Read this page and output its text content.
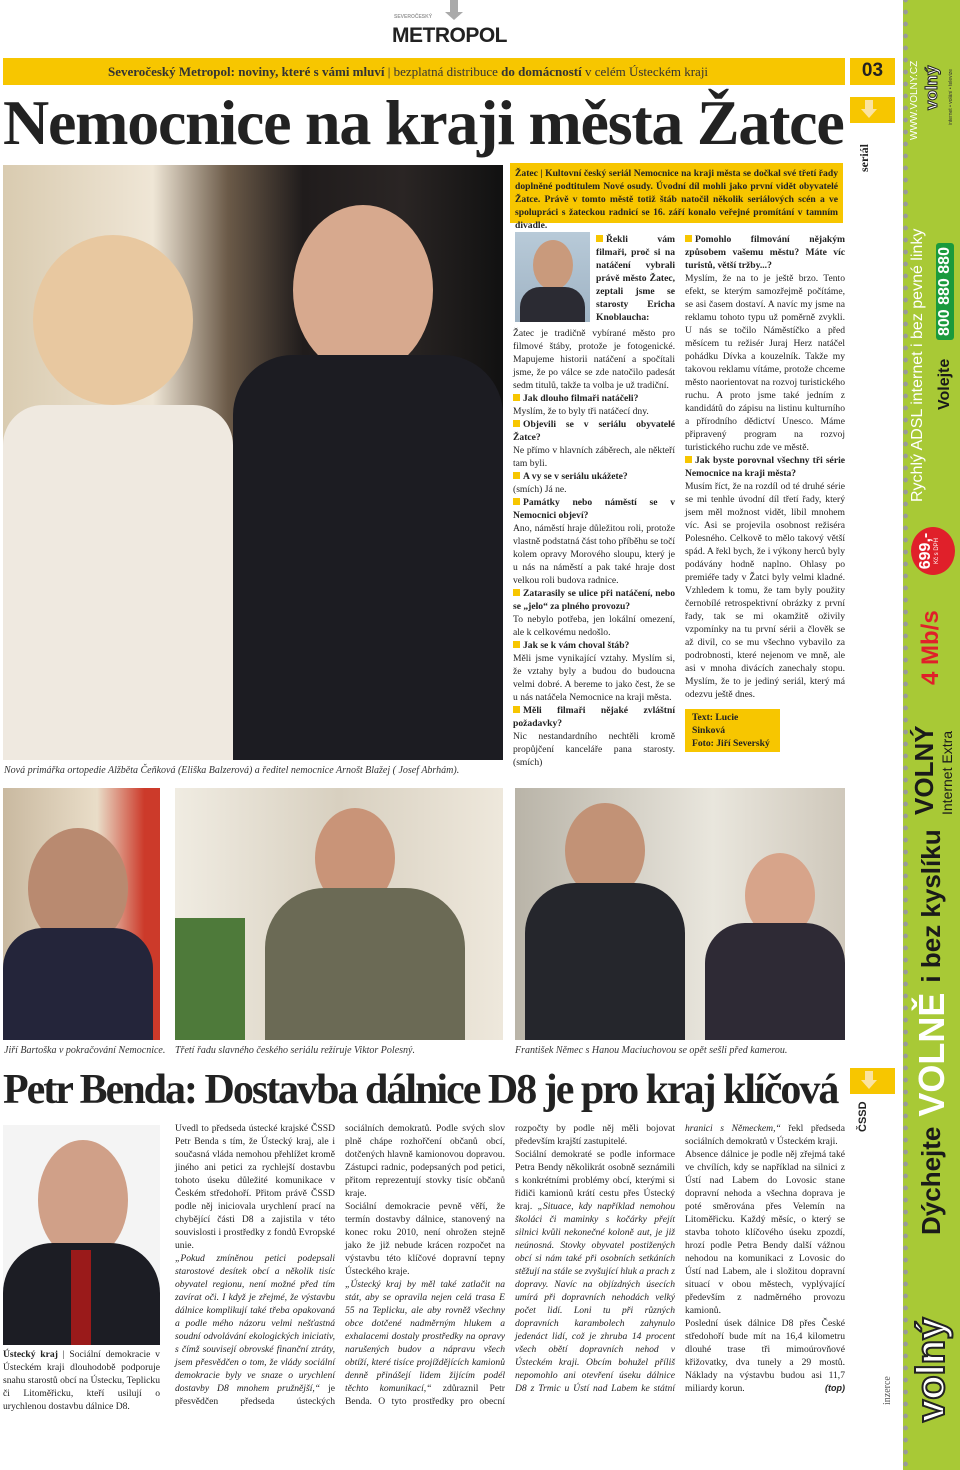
SEVEROČESKÝ
METROPOL
Severočeský Metropol: noviny, které s vámi mluví | bezplatná distribuce do domácností v celém Ústeckém kraji	03
seriál
Nemocnice na kraji města Žatce
Nová primářka ortopedie Alžběta Čeňková (Eliška Balzerová) a ředitel nemocnice Arnošt Blažej ( Josef Abrhám).
Žatec | Kultovní český seriál Nemocnice na kraji města se dočkal své třetí řady doplněné podtitulem Nové osudy. Úvodní díl mohli jako první vidět obyvatelé Žatce. Právě v tomto městě totiž štáb natočil několik seriálových scén a ve spolupráci s žateckou radnicí se 16. září konalo veřejné promítání v tamním divadle.

Řekli vám filmaři, proč si na natáčení vybrali právě město Žatec, zeptali jsme se starosty Ericha Knoblaucha:

Žatec je tradičně vybírané město pro filmové štáby, protože je fotogenické. Mapujeme historii natáčení a spočítali jsme, že po válce se zde natočilo padesát sedm titulů, takže ta volba je už tradiční.

Jak dlouho filmaři natáčeli?

Myslím, že to byly tři natáčecí dny.

Objevili se v seriálu obyvatelé Žatce?

Ne přímo v hlavních záběrech, ale někteří tam byli.

A vy se v seriálu ukážete?

(smích) Já ne.

Památky nebo náměstí se v Nemocnici objeví?

Ano, náměstí hraje důležitou roli, protože vlastně podstatná část toho příběhu se točí kolem opravy Morového sloupu, který je u nás na náměstí a pak také hraje dost velkou roli budova radnice.

Zatarasily se ulice při natáčení, nebo se „jelo“ za plného provozu?

To nebylo potřeba, jen lokální omezení, ale k celkovému nedošlo.

Jak se k vám choval štáb?

Měli jsme vynikající vztahy. Myslím si, že vztahy byly a budou do budoucna velmi dobré. A bereme to jako čest, že se u nás natáčela Nemocnice na kraji města.

Měli filmaři nějaké zvláštní požadavky?

Nic nestandardního nechtěli kromě propůjčení kanceláře pana starosty. (smích)

Pomohlo filmování nějakým způsobem vašemu městu? Máte víc turistů, větší tržby...?

Myslím, že na to je ještě brzo. Tento efekt, se kterým samozřejmě počítáme, se asi časem dostaví. A navíc my jsme na reklamu tohoto typu už poměrně zvykli. U nás se točilo Náměstíčko a před měsícem tu režisér Juraj Herz natáčel pohádku Dívka a kouzelník. Takže my takovou reklamu vítáme, protože chceme město naorientovat na rozvoj turistického ruchu. A proto jsme také jedním z kandidátů do zápisu na listinu kulturního a přírodního dědictví Unesco. Máme připravený program na rozvoj turistického ruchu zde ve městě.

Jak byste porovnal všechny tři série Nemocnice na kraji města?

Musím říct, že na rozdíl od té druhé série se mi tenhle úvodní díl třetí řady, který jsem měl možnost vidět, libil mnohem víc. Asi se projevila osobnost režiséra Polesného. Celkově to mělo takový větší spád. A řekl bych, že i výkony herců byly podávány hodně naplno. Ohlasy po premiéře tady v Žatci byly velmi kladné. Vzhledem k tomu, že tam byly použity černobílé retrospektivní obrázky z první řady, tak se mi okamžitě oživily vzpomínky na tu první sérii a člověk se až divil, co se mu všechno vybavilo za podrobnosti, které nejenom ve mně, ale asi v mnoha divácích zanechaly stopu. Myslím, že to je jediný seriál, který má odezvu ještě dnes.

Text: Lucie Sinková
Foto: Jiří Severský
Jiří Bartoška v pokračování Nemocnice. Třetí řadu slavného českého seriálu režíruje Viktor Polesný.	František Němec s Hanou Maciuchovou se opět sešli před kamerou.
Petr Benda: Dostavba dálnice D8 je pro kraj klíčová
ČSSD
Ústecký kraj | Sociální demokracie v Ústeckém kraji dlouhodobě podporuje snahu starostů obcí na Ústecku, Teplicku či Litoměřicku, kteří usilují o urychlenou dostavbu dálnice D8.

Uvedl to předseda ústecké krajské ČSSD Petr Benda s tím, že Ústecký kraj, ale i současná vláda nemohou přehlížet kromě jiného ani petici za rychlejší dostavbu tohoto úseku důležité komunikace v Českém středohoří. Přitom právě ČSSD podle něj iniciovala urychlení prací na chybějící části D8 a zajistila v této souvislosti i prostředky z fondů Evropské unie.

„Pokud zmíněnou petici podepsali starostové desítek obcí a několik tisíc obyvatel regionu, není možné před tím zavírat oči. I když je zřejmé, že výstavbu dálnice komplikují také třeba opakovaná a podle mého názoru velmi nešťastná soudní odvolávání ekologických iniciativ, s čímž souvisejí obrovské finanční ztráty, jsem přesvědčen o tom, že vlády sociální demokracie byly ve snaze o urychlení dostavby D8 mnohem pružnější,“ je přesvědčen předseda ústeckých sociálních demokratů. Podle svých slov plně chápe rozhořčení občanů obcí, dotčených hlavně kamionovou dopravou. Zástupci radnic, podepsaných pod petici, přitom reprezentují stovky tisíc občanů kraje.

Sociální demokracie pevně věří, že termín dostavby dálnice, stanovený na konec roku 2010, není ohrožen stejně jako že již nebude krácen rozpočet na výstavbu této klíčové dopravní tepny Ústeckého kraje.

„Ústecký kraj by měl také zatlačit na stát, aby se opravila nejen celá trasa E 55 na Teplicku, ale aby rovněž všechny obce dotčené nadměrným hlukem a exhalacemi dostaly prostředky na opravy narušených budov a nápravu všech obtíží, které tisíce projíždějících kamionů denně přinášejí lidem žijícím podél těchto komunikací,“ zdůraznil Petr Benda. O tyto prostředky pro obecní rozpočty by podle něj měli bojovat především krajští zastupitelé.

Sociální demokraté se podle informace Petra Bendy několikrát osobně seznámili s konkrétními problémy obcí, kterými si řidiči kamionů krátí cestu přes Ústecký kraj. „Situace, kdy například nemohou školáci či maminky s kočárky přejít silnici kvůli nekonečné koloně aut, je již neúnosná. Stovky obyvatel postižených obcí si nám také při osobních setkáních stěžují na stále se zvyšující hluk a prach z dopravy. Navíc na objízdných úsecích umírá při dopravních nehodách velký počet lidí. Loni tu při různých dopravních karambolech zahynulo jedenáct lidí, což je zhruba 14 procent všech obětí dopravních nehod v Ústeckém kraji. Obcím bohužel příliš nepomohlo ani otevření úseku dálnice D8 z Trmic u Ústí nad Labem ke státní hranici s Německem,“ řekl předseda sociálních demokratů v Ústeckém kraji.

Absence dálnice je podle něj zřejmá také ve chvílích, kdy se například na silnici z Ústí nad Labem do Lovosic stane dopravní nehoda a všechna doprava je poté směrována přes Velemín na Litoměřicku. Každý měsíc, o který se stavba tohoto klíčového úseku zpozdí, hrozí podle Petra Bendy další vážnou nehodou na komunikaci z Lovosic do Ústí nad Labem, ale i složitou dopravní situací v obou městech, vyplývající především z nadměrného provozu kamionů.

Poslední úsek dálnice D8 přes České středohoří bude mít na 16,4 kilometru dlouhé trase tři mimoúrovňové křižovatky, dva tunely a 29 mostů. Náklady na výstavbu budou asi 11,7 miliardy korun.	(top)	inzerce volný
Dýchejte
VOLNĚ
i bez kyslíku
VOLNÝ Internet Extra
4 Mb/s
699,- Kč s DPH
Rychlý ADSL internet i bez pevné linky Volejte
800 880 880
WWW.VOLNY.CZ volný internet • volání • televize
